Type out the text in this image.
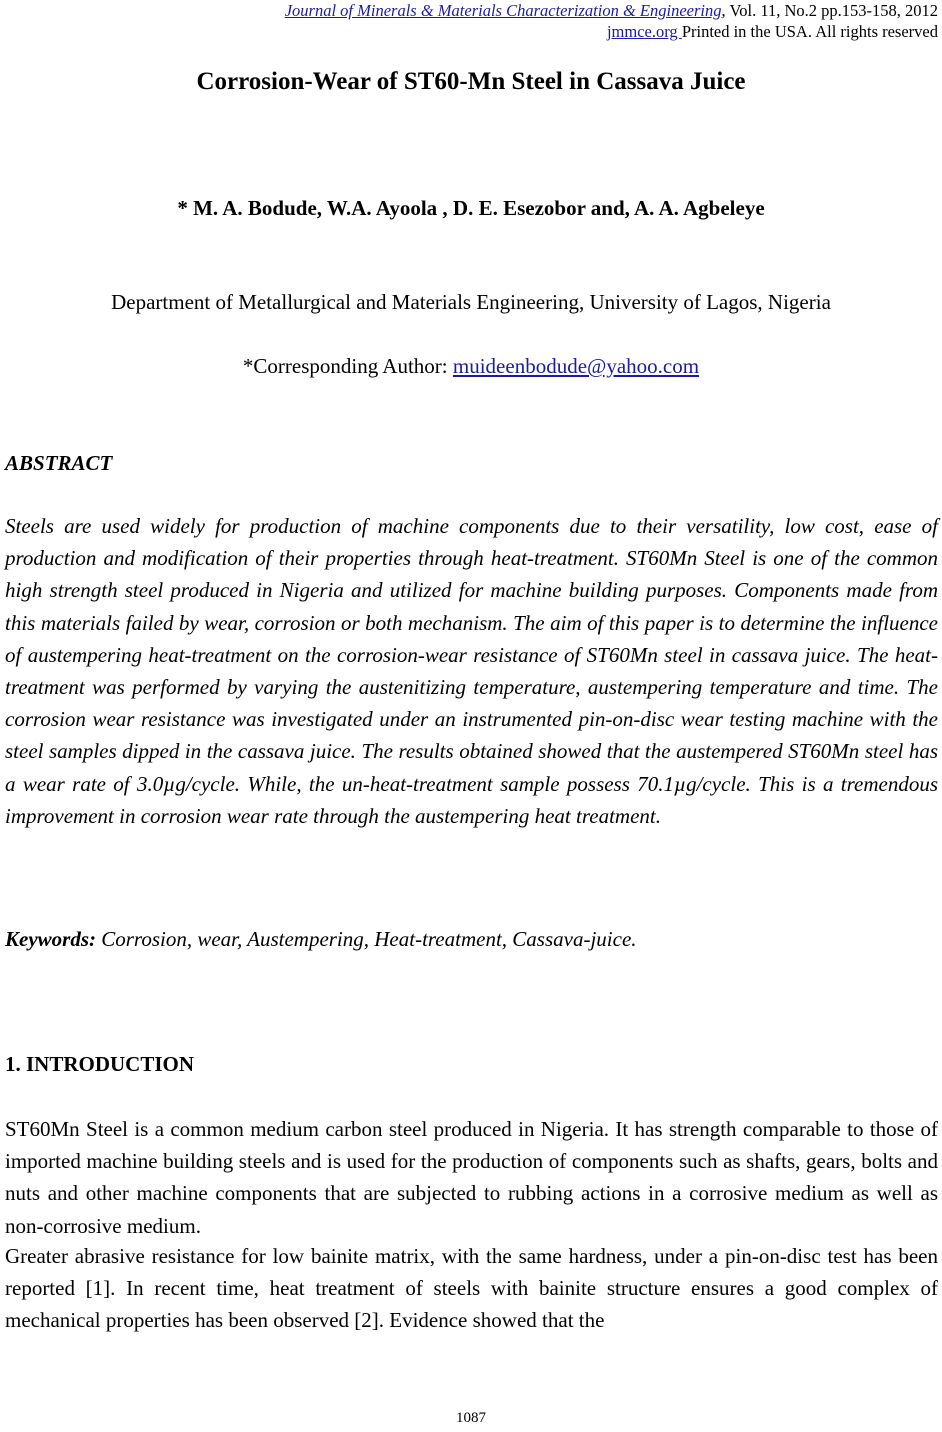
Journal of Minerals & Materials Characterization & Engineering, Vol. 11, No.2 pp.153-158, 2012
jmmce.org Printed in the USA. All rights reserved
Corrosion-Wear of ST60-Mn Steel in Cassava Juice
* M. A. Bodude, W.A. Ayoola , D. E. Esezobor and, A. A. Agbeleye
Department of Metallurgical and Materials Engineering, University of Lagos, Nigeria
*Corresponding Author: muideenbodude@yahoo.com
ABSTRACT
Steels are used widely for production of machine components due to their versatility, low cost, ease of production and modification of their properties through heat-treatment. ST60Mn Steel is one of the common high strength steel produced in Nigeria and utilized for machine building purposes. Components made from this materials failed by wear, corrosion or both mechanism. The aim of this paper is to determine the influence of austempering heat-treatment on the corrosion-wear resistance of ST60Mn steel in cassava juice. The heat-treatment was performed by varying the austenitizing temperature, austempering temperature and time. The corrosion wear resistance was investigated under an instrumented pin-on-disc wear testing machine with the steel samples dipped in the cassava juice. The results obtained showed that the austempered ST60Mn steel has a wear rate of 3.0µg/cycle. While, the un-heat-treatment sample possess 70.1µg/cycle. This is a tremendous improvement in corrosion wear rate through the austempering heat treatment.
Keywords: Corrosion, wear, Austempering, Heat-treatment, Cassava-juice.
1. INTRODUCTION
ST60Mn Steel is a common medium carbon steel produced in Nigeria. It has strength comparable to those of imported machine building steels and is used for the production of components such as shafts, gears, bolts and nuts and other machine components that are subjected to rubbing actions in a corrosive medium as well as non-corrosive medium.
Greater abrasive resistance for low bainite matrix, with the same hardness, under a pin-on-disc test has been reported [1]. In recent time, heat treatment of steels with bainite structure ensures a good complex of mechanical properties has been observed [2]. Evidence showed that the
1087
